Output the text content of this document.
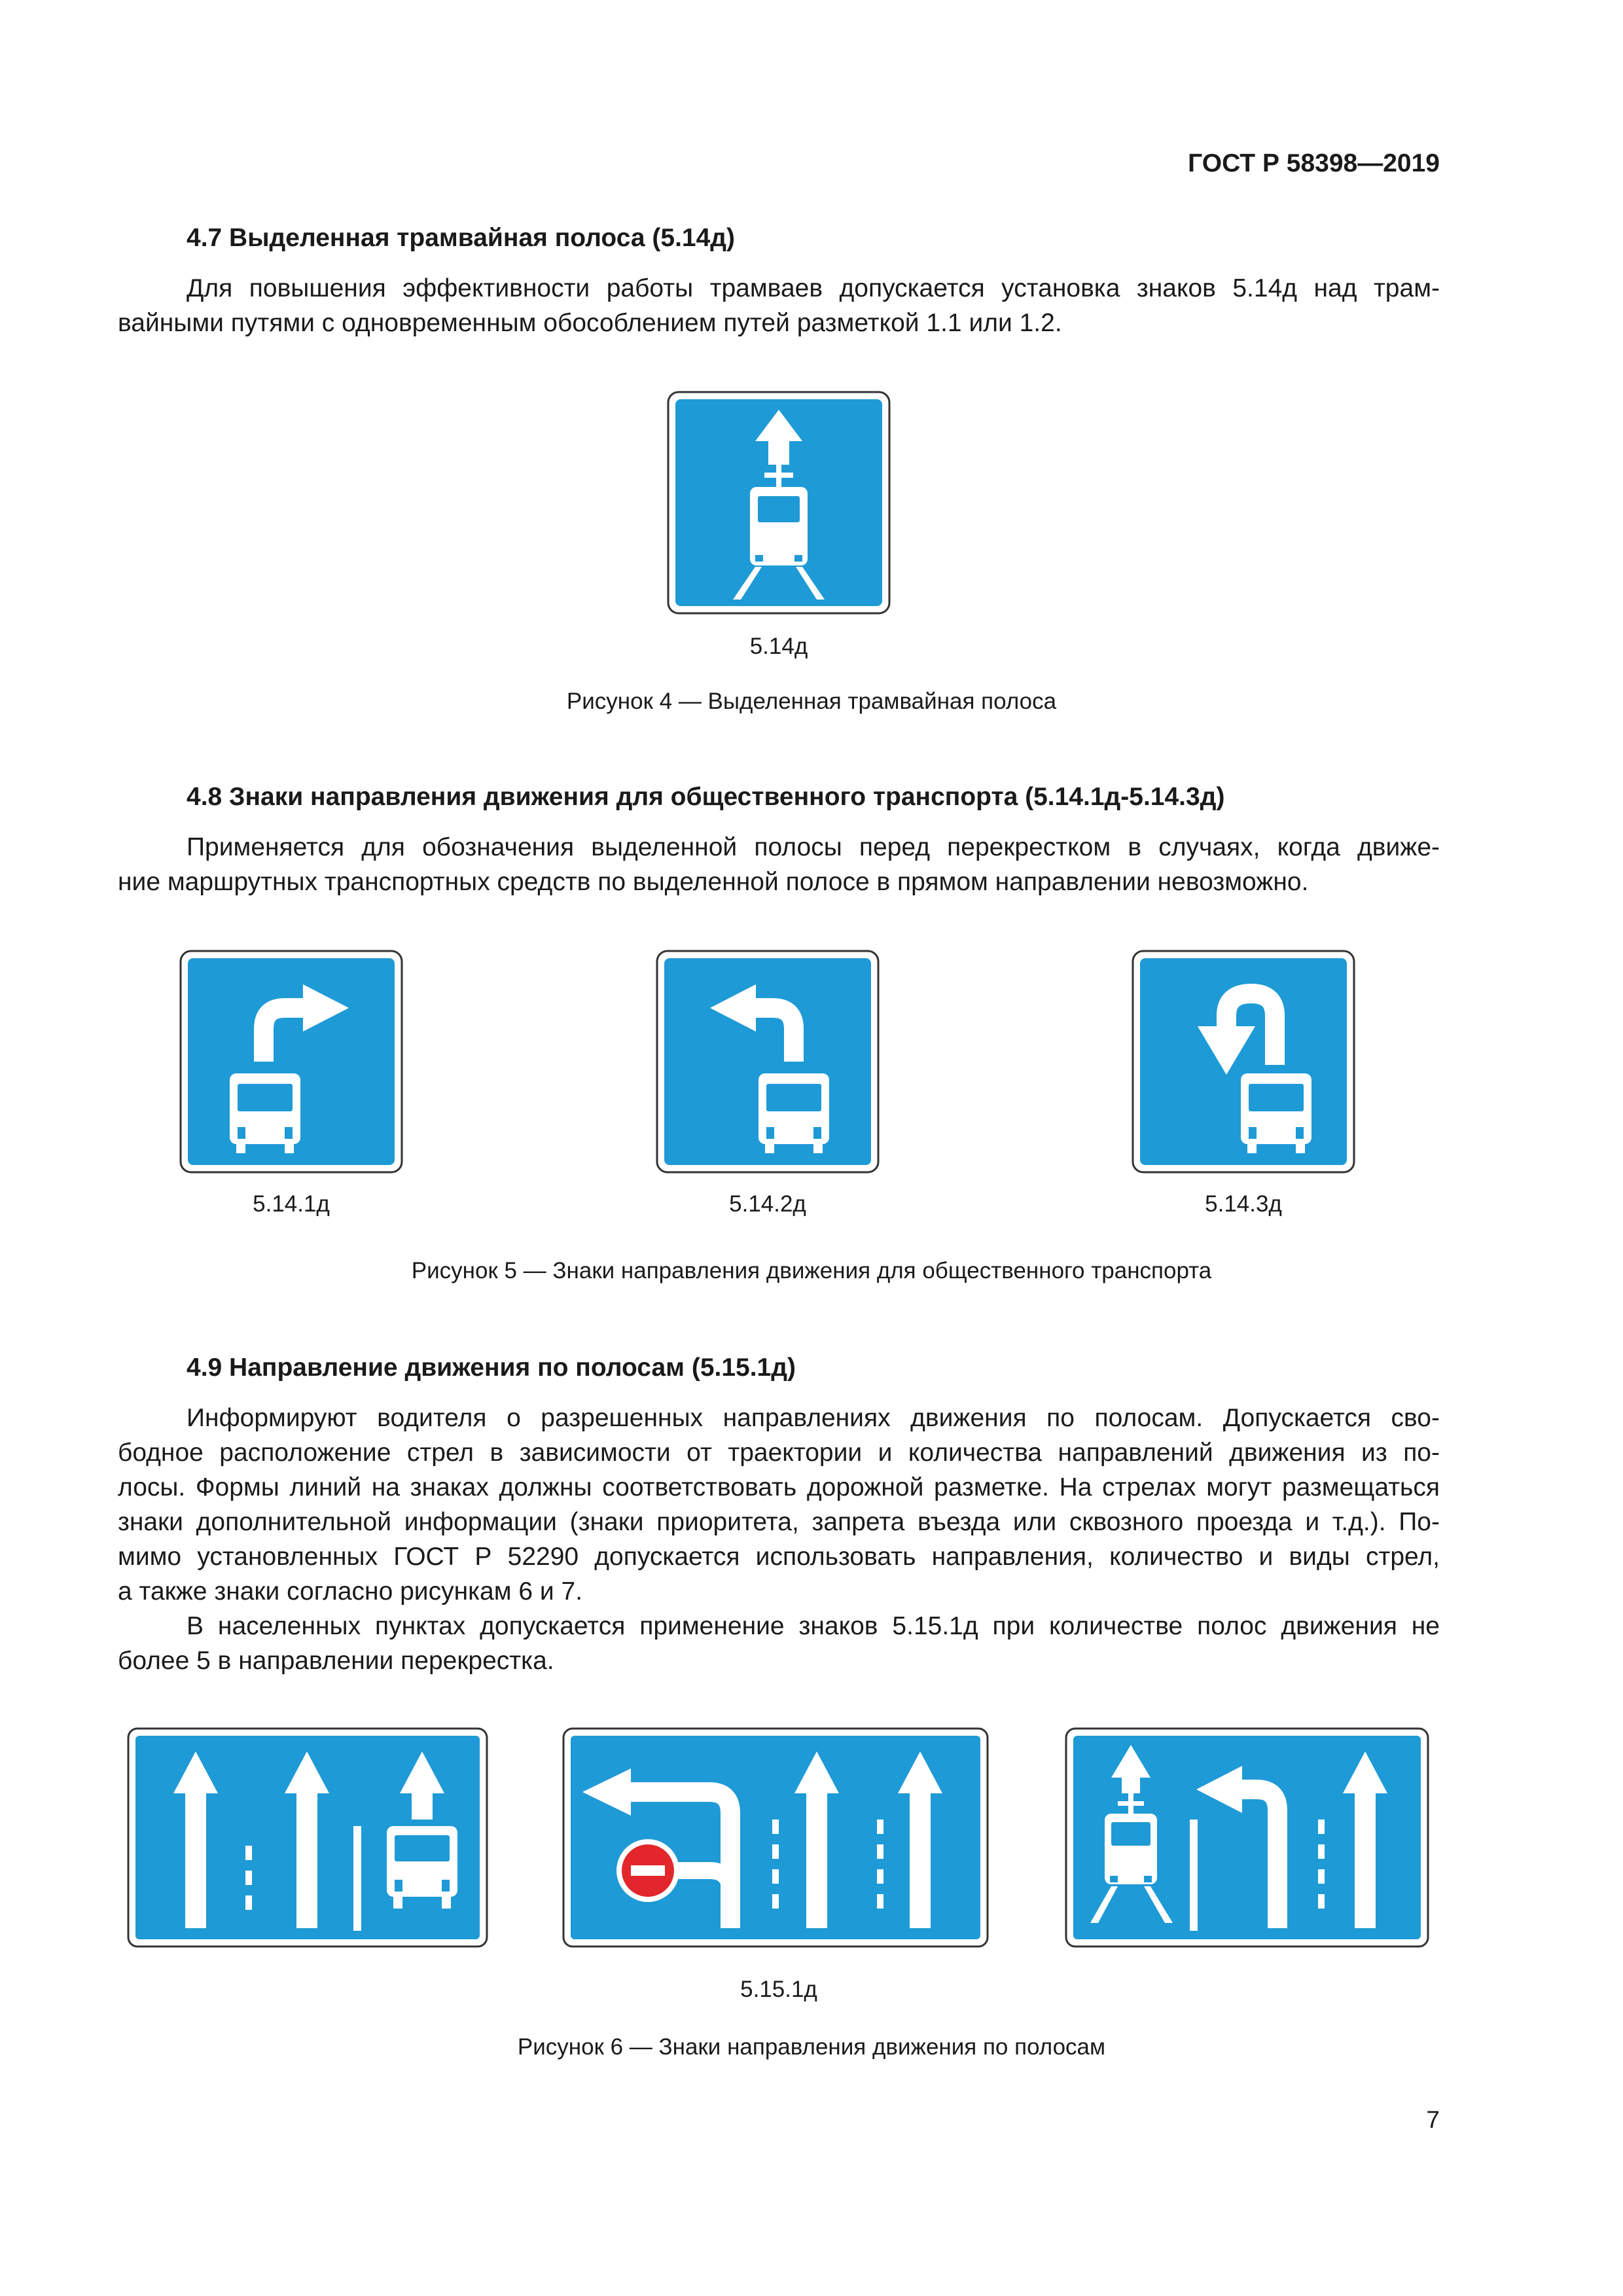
ГОСТ Р 58398—2019
4.7 Выделенная трамвайная полоса (5.14д)
Для повышения эффективности работы трамваев допускается установка знаков 5.14д над трам-
вайными путями с одновременным обособлением путей разметкой 1.1 или 1.2.
5.14д
Рисунок 4 — Выделенная трамвайная полоса
4.8 Знаки направления движения для общественного транспорта (5.14.1д-5.14.3д)
Применяется для обозначения выделенной полосы перед перекрестком в случаях, когда движе-
ние маршрутных транспортных средств по выделенной полосе в прямом направлении невозможно.
5.14.1д	5.14.2д	5.14.3д
Рисунок 5 — Знаки направления движения для общественного транспорта
4.9 Направление движения по полосам (5.15.1д)
Информируют водителя о разрешенных направлениях движения по полосам. Допускается сво-
бодное расположение стрел в зависимости от траектории и количества направлений движения из по-
лосы. Формы линий на знаках должны соответствовать дорожной разметке. На стрелах могут размещаться
знаки дополнительной информации (знаки приоритета, запрета въезда или сквозного проезда и т.д.). По-
мимо установленных ГОСТ Р 52290 допускается использовать направления, количество и виды стрел,
а также знаки согласно рисункам 6 и 7.
В населенных пунктах допускается применение знаков 5.15.1д при количестве полос движения не
более 5 в направлении перекрестка.
5.15.1д
Рисунок 6 — Знаки направления движения по полосам
7
